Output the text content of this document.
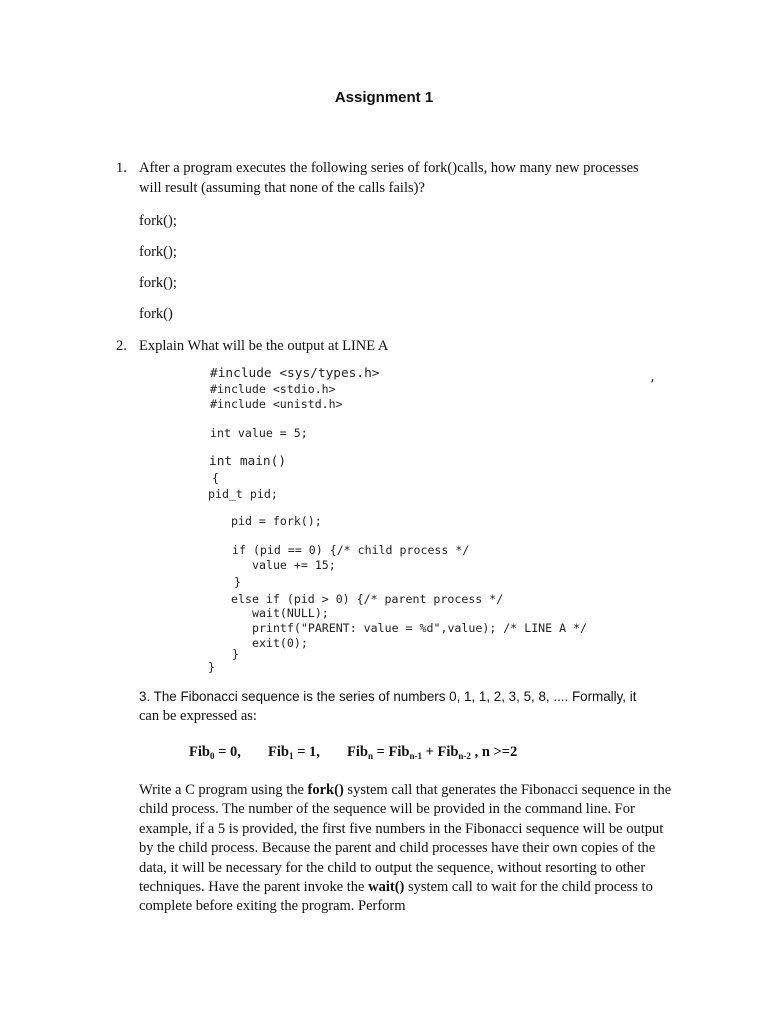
Assignment 1
1. After a program executes the following series of fork()calls, how many new processes
will result (assuming that none of the calls fails)?
fork();
fork();
fork();
fork()
2. Explain What will be the output at LINE A
,
#include <sys/types.h>
#include <stdio.h>
#include <unistd.h>
int value = 5;
int main()
{
pid_t pid;
pid = fork();
if (pid == 0) {/* child process */
value += 15;
}
else if (pid > 0) {/* parent process */
wait(NULL);
printf("PARENT: value = %d",value); /* LINE A */
exit(0);
}
}
3. The Fibonacci sequence is the series of numbers 0, 1, 1, 2, 3, 5, 8, .... Formally, it
can be expressed as:
Fib$_0$ = 0, Fib$_1$ = 1, Fib$_n$ = Fib$_{n-1}$ + Fib$_{n-2}$ , n >=2
Write a C program using the fork() system call that generates the Fibonacci sequence in the child process. The number of the sequence will be provided in the command line. For example, if a 5 is provided, the first five numbers in the Fibonacci sequence will be output by the child process. Because the parent and child processes have their own copies of the data, it will be necessary for the child to output the sequence, without resorting to other techniques. Have the parent invoke the wait() system call to wait for the child process to complete before exiting the program. Perform
